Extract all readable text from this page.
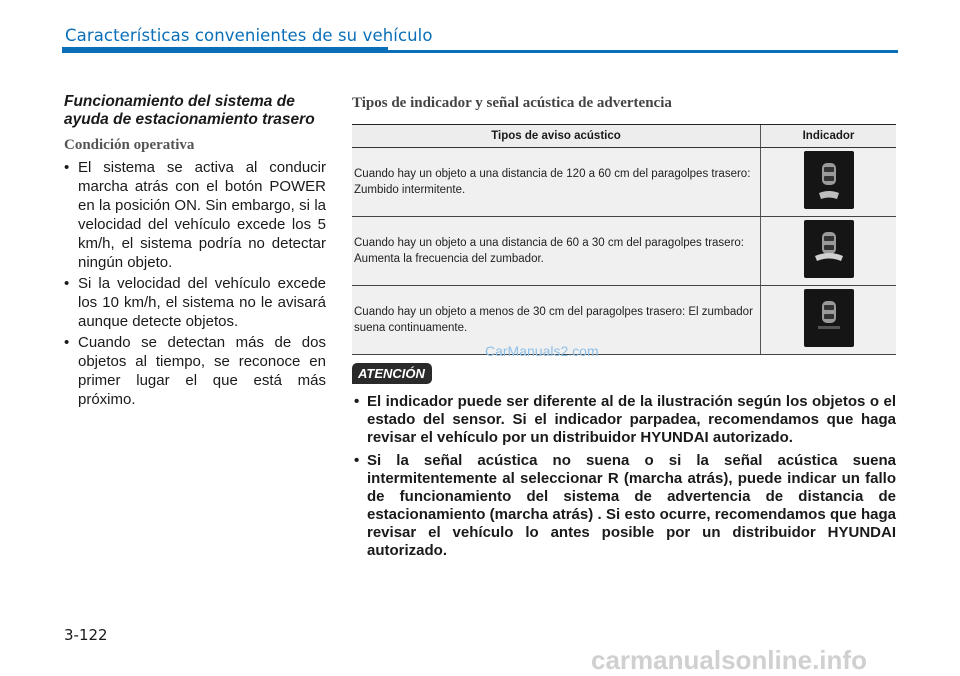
Características convenientes de su vehículo

Funcionamiento del sistema de ayuda de estacionamiento trasero

Condición operativa
• El sistema se activa al conducir marcha atrás con el botón POWER en la posición ON. Sin embargo, si la velocidad del vehículo excede los 5 km/h, el sistema podría no detectar ningún objeto.
• Si la velocidad del vehículo excede los 10 km/h, el sistema no le avisará aunque detecte objetos.
• Cuando se detectan más de dos objetos al tiempo, se reconoce en primer lugar el que está más próximo.
Tipos de indicador y señal acústica de advertencia
Tipos de aviso acústico	Indicador
Cuando hay un objeto a una distancia de 120 a 60 cm del paragolpes trasero: Zumbido intermitente.	

Cuando hay un objeto a una distancia de 60 a 30 cm del paragolpes trasero: Aumenta la frecuencia del zumbador.	

Cuando hay un objeto a menos de 30 cm del paragolpes trasero: El zumbador suena continuamente.	
CarManuals2.com
ATENCIÓN
• El indicador puede ser diferente al de la ilustración según los objetos o el estado del sensor. Si el indicador parpadea, recomendamos que haga revisar el vehículo por un distribuidor HYUNDAI autorizado.
• Si la señal acústica no suena o si la señal acústica suena intermitentemente al seleccionar R (marcha atrás), puede indicar un fallo de funcionamiento del sistema de advertencia de distancia de estacionamiento (marcha atrás) . Si esto ocurre, recomendamos que haga revisar el vehículo lo antes posible por un distribuidor HYUNDAI autorizado.
3-122
carmanualsonline.info
